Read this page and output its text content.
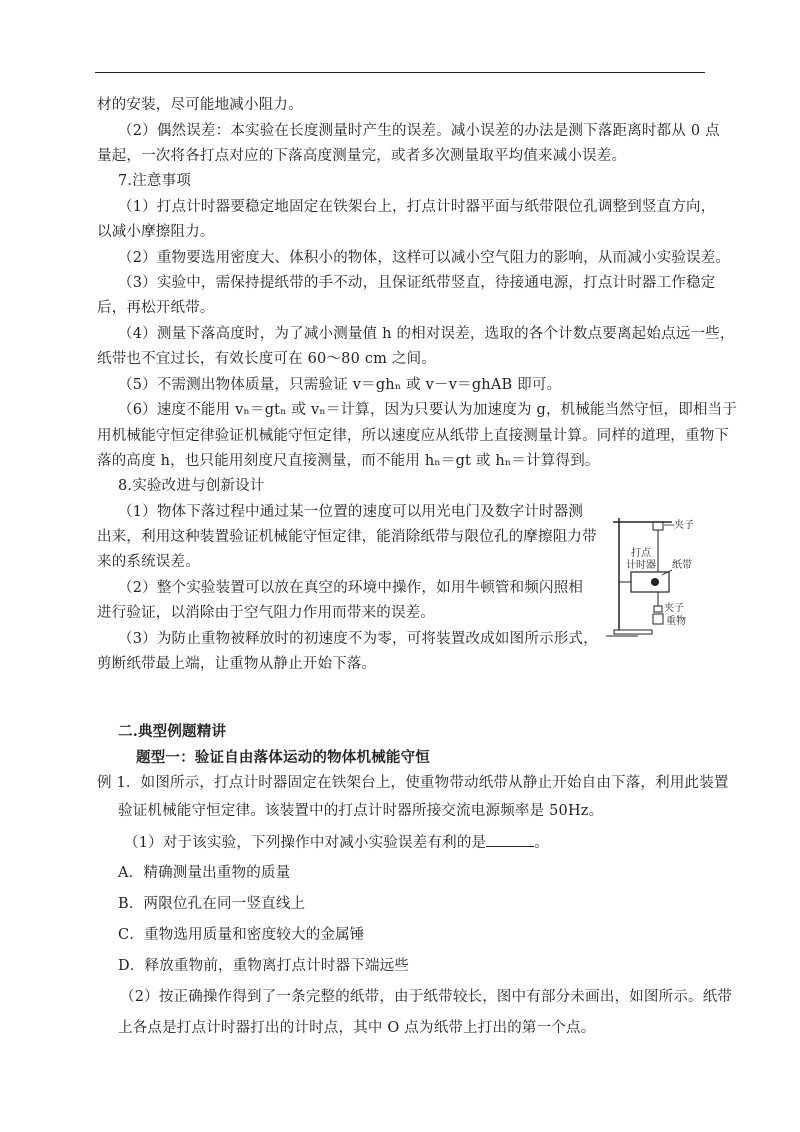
材的安装，尽可能地减小阻力。
（2）偶然误差：本实验在长度测量时产生的误差。减小误差的办法是测下落距离时都从 0 点
量起，一次将各打点对应的下落高度测量完，或者多次测量取平均值来减小误差。
7.注意事项
（1）打点计时器要稳定地固定在铁架台上，打点计时器平面与纸带限位孔调整到竖直方向，
以减小摩擦阻力。
（2）重物要选用密度大、体积小的物体，这样可以减小空气阻力的影响，从而减小实验误差。
（3）实验中，需保持提纸带的手不动，且保证纸带竖直，待接通电源，打点计时器工作稳定
后，再松开纸带。
（4）测量下落高度时，为了减小测量值 h 的相对误差，选取的各个计数点要离起始点远一些，
纸带也不宜过长，有效长度可在 60～80 cm 之间。
（5）不需测出物体质量，只需验证 v＝ghₙ 或 v－v＝ghAB 即可。
（6）速度不能用 vₙ＝gtₙ 或 vₙ＝计算，因为只要认为加速度为 g，机械能当然守恒，即相当于
用机械能守恒定律验证机械能守恒定律，所以速度应从纸带上直接测量计算。同样的道理，重物下
落的高度 h，也只能用刻度尺直接测量，而不能用 hₙ＝gt 或 hₙ＝计算得到。
8.实验改进与创新设计
（1）物体下落过程中通过某一位置的速度可以用光电门及数字计时器测
出来，利用这种装置验证机械能守恒定律，能消除纸带与限位孔的摩擦阻力带
来的系统误差。
（2）整个实验装置可以放在真空的环境中操作，如用牛顿管和频闪照相
进行验证，以消除由于空气阻力作用而带来的误差。
（3）为防止重物被释放时的初速度不为零，可将装置改成如图所示形式，
剪断纸带最上端，让重物从静止开始下落。
二.典型例题精讲
题型一：验证自由落体运动的物体机械能守恒
例 1．如图所示，打点计时器固定在铁架台上，使重物带动纸带从静止开始自由下落，利用此装置
验证机械能守恒定律。该装置中的打点计时器所接交流电源频率是 50Hz。
（1）对于该实验，下列操作中对减小实验误差有利的是	。
A．精确测量出重物的质量
B．两限位孔在同一竖直线上
C．重物选用质量和密度较大的金属锤
D．释放重物前，重物离打点计时器下端远些
（2）按正确操作得到了一条完整的纸带，由于纸带较长，图中有部分未画出，如图所示。纸带
上各点是打点计时器打出的计时点，其中 O 点为纸带上打出的第一个点。
夹子
打点
计时器 纸带
夹子
重物
